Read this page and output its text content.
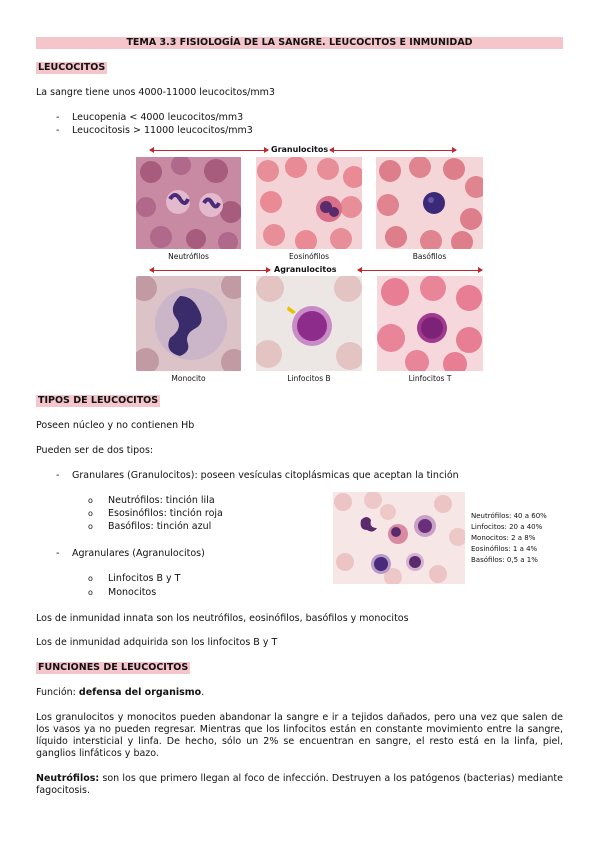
TEMA 3.3 FISIOLOGÍA DE LA SANGRE. LEUCOCITOS E INMUNIDAD
LEUCOCITOS
La sangre tiene unos 4000-11000 leucocitos/mm3
- Leucopenia < 4000 leucocitos/mm3
- Leucocitosis > 11000 leucocitos/mm3
Granulocitos
Neutrófilos	Eosinófilos	Basófilos
Agranulocitos
Monocito	Linfocitos B	Linfocitos T
TIPOS DE LEUCOCITOS
Poseen núcleo y no contienen Hb
Pueden ser de dos tipos:
- Granulares (Granulocitos): poseen vesículas citoplásmicas que aceptan la tinción
o Neutrófilos: tinción lila
o Esosinófilos: tinción roja
o Basófilos: tinción azul
- Agranulares (Agranulocitos)
o Linfocitos B y T
o Monocitos
Neutrófilos: 40 a 60%
Linfocitos: 20 a 40%
Monocitos: 2 a 8%
Eosinófilos: 1 a 4%
Basófilos: 0,5 a 1%
Los de inmunidad innata son los neutrófilos, eosinófilos, basófilos y monocitos
Los de inmunidad adquirida son los linfocitos B y T
FUNCIONES DE LEUCOCITOS
Función: defensa del organismo.
Los granulocitos y monocitos pueden abandonar la sangre e ir a tejidos dañados, pero una vez que salen de los vasos ya no pueden regresar. Mientras que los linfocitos están en constante movimiento entre la sangre, líquido intersticial y linfa. De hecho, sólo un 2% se encuentran en sangre, el resto está en la linfa, piel, ganglios linfáticos y bazo.
Neutrófilos: son los que primero llegan al foco de infección. Destruyen a los patógenos (bacterias) mediante fagocitosis.
